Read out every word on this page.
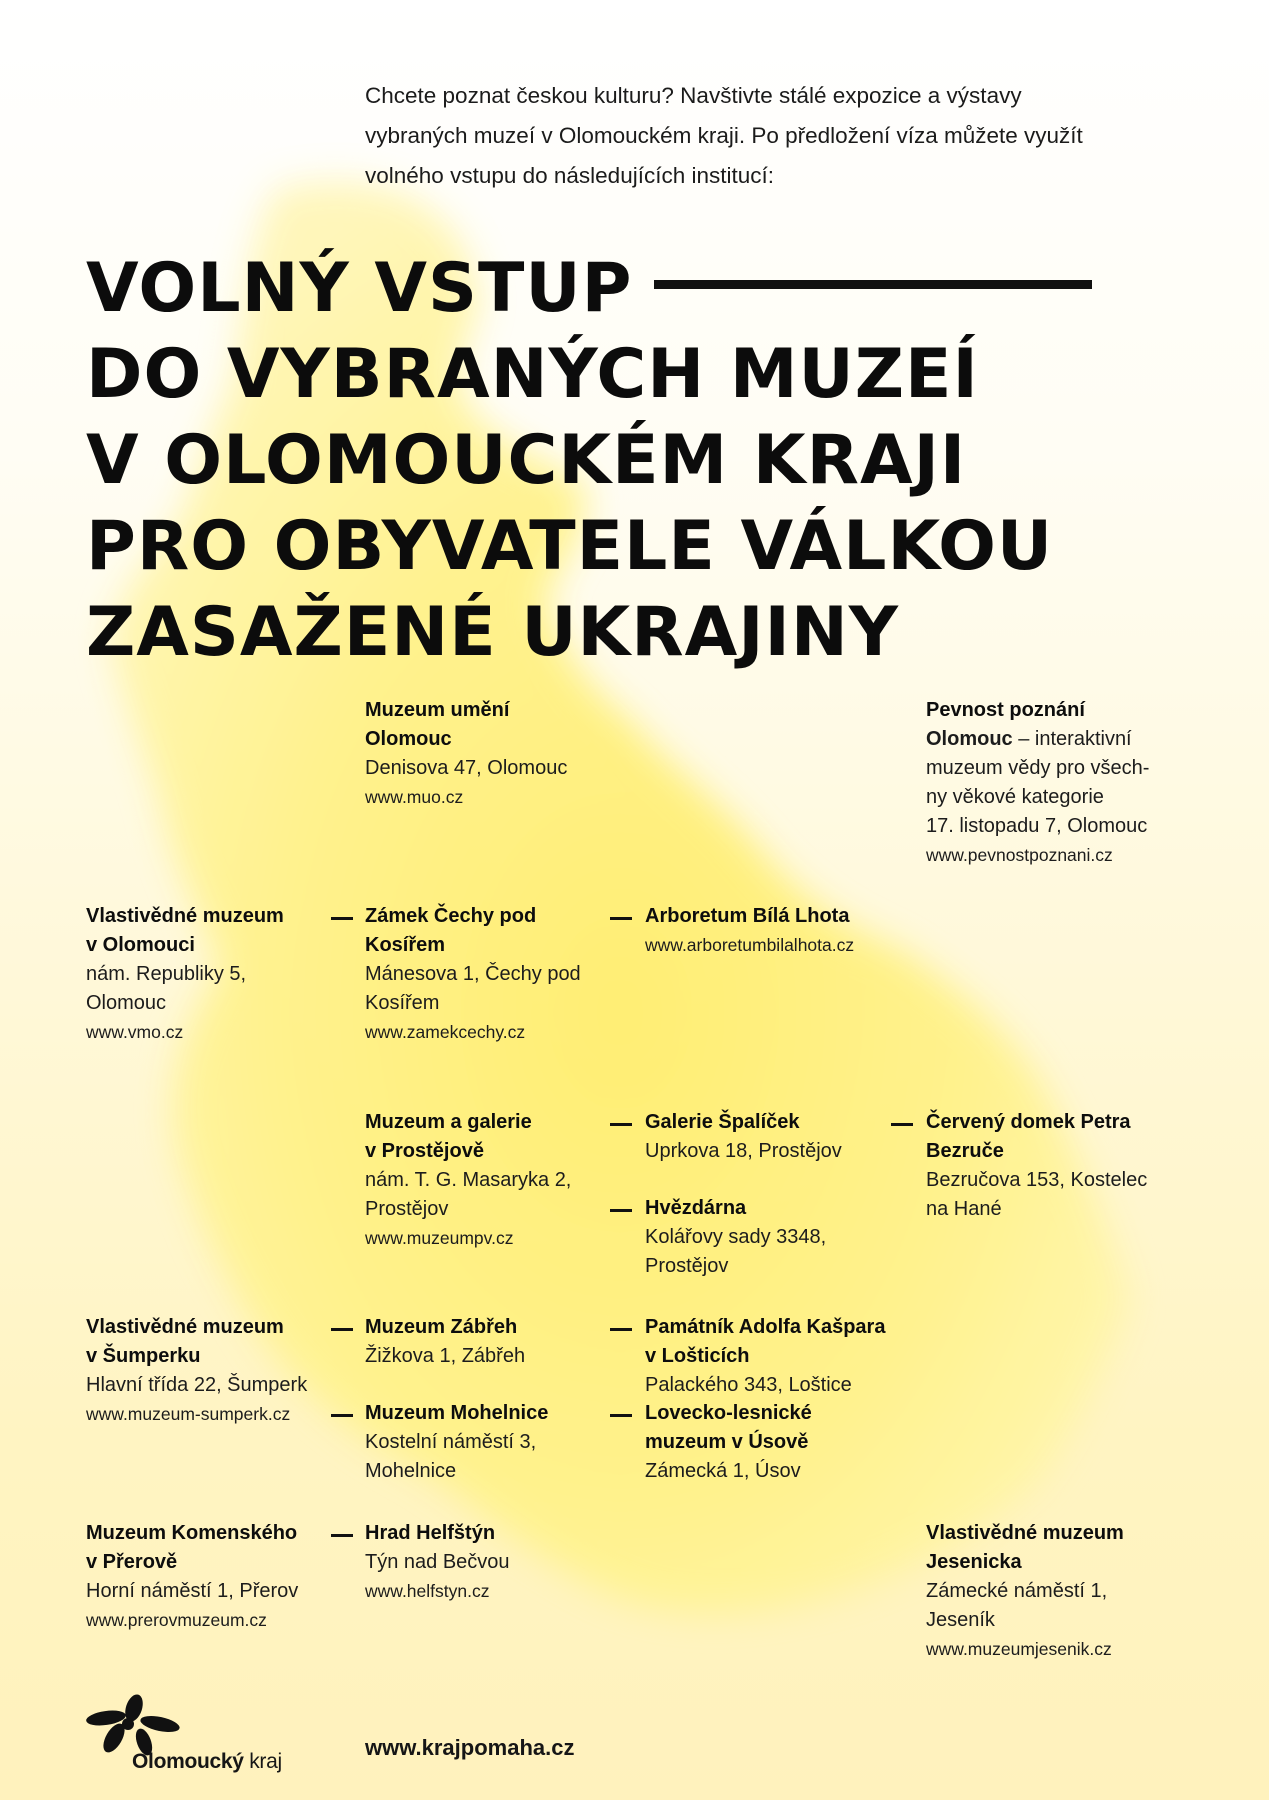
Chcete poznat českou kulturu? Navštivte stálé expozice a výstavy

vybraných muzeí v Olomouckém kraji. Po předložení víza můžete využít

volného vstupu do následujících institucí:

VOLNÝ VSTUP
DO VYBRANÝCH MUZEÍ
V OLOMOUCKÉM KRAJI
PRO OBYVATELE VÁLKOU
ZASAŽENÉ UKRAJINY
Muzeum umění
Olomouc
Denisova 47, Olomouc
www.muo.cz
Pevnost poznání
Olomouc – interaktivní
muzeum vědy pro všech-
ny věkové kategorie
17. listopadu 7, Olomouc
www.pevnostpoznani.cz
Vlastivědné muzeum
v Olomouci
nám. Republiky 5,
Olomouc
www.vmo.cz
Zámek Čechy pod
Kosířem
Mánesova 1, Čechy pod
Kosířem
www.zamekcechy.cz
Arboretum Bílá Lhota
www.arboretumbilalhota.cz
Muzeum a galerie
v Prostějově
nám. T. G. Masaryka 2,
Prostějov
www.muzeumpv.cz
Galerie Špalíček
Uprkova 18, Prostějov
Hvězdárna
Kolářovy sady 3348,
Prostějov
Červený domek Petra
Bezruče
Bezručova 153, Kostelec
na Hané
Vlastivědné muzeum
v Šumperku
Hlavní třída 22, Šumperk
www.muzeum-sumperk.cz
Muzeum Zábřeh
Žižkova 1, Zábřeh
Muzeum Mohelnice
Kostelní náměstí 3,
Mohelnice
Památník Adolfa Kašpara
v Lošticích
Palackého 343, Loštice
Lovecko-lesnické
muzeum v Úsově
Zámecká 1, Úsov
Muzeum Komenského
v Přerově
Horní náměstí 1, Přerov
www.prerovmuzeum.cz
Hrad Helfštýn
Týn nad Bečvou
www.helfstyn.cz
Vlastivědné muzeum
Jesenicka
Zámecké náměstí 1,
Jeseník
www.muzeumjesenik.cz
Olomoucký kraj
www.krajpomaha.cz
